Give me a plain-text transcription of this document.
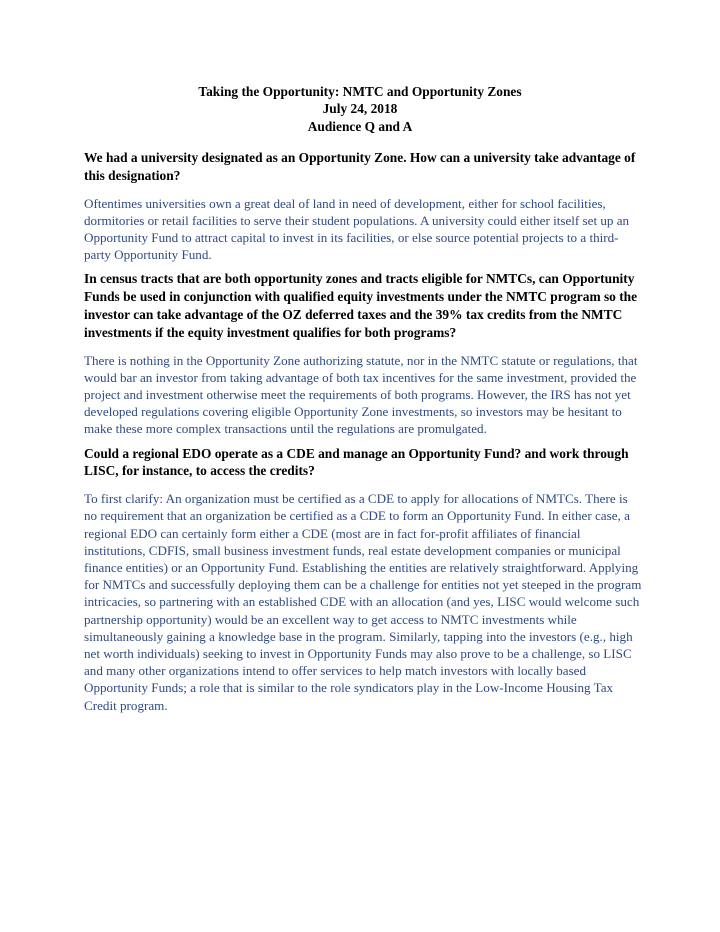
Taking the Opportunity: NMTC and Opportunity Zones
July 24, 2018
Audience Q and A

We had a university designated as an Opportunity Zone. How can a university take advantage of this designation?

Oftentimes universities own a great deal of land in need of development, either for school facilities, dormitories or retail facilities to serve their student populations. A university could either itself set up an Opportunity Fund to attract capital to invest in its facilities, or else source potential projects to a third-party Opportunity Fund.

In census tracts that are both opportunity zones and tracts eligible for NMTCs, can Opportunity Funds be used in conjunction with qualified equity investments under the NMTC program so the investor can take advantage of the OZ deferred taxes and the 39% tax credits from the NMTC investments if the equity investment qualifies for both programs?

There is nothing in the Opportunity Zone authorizing statute, nor in the NMTC statute or regulations, that would bar an investor from taking advantage of both tax incentives for the same investment, provided the project and investment otherwise meet the requirements of both programs. However, the IRS has not yet developed regulations covering eligible Opportunity Zone investments, so investors may be hesitant to make these more complex transactions until the regulations are promulgated.

Could a regional EDO operate as a CDE and manage an Opportunity Fund? and work through LISC, for instance, to access the credits?

To first clarify: An organization must be certified as a CDE to apply for allocations of NMTCs. There is no requirement that an organization be certified as a CDE to form an Opportunity Fund. In either case, a regional EDO can certainly form either a CDE (most are in fact for-profit affiliates of financial institutions, CDFIS, small business investment funds, real estate development companies or municipal finance entities) or an Opportunity Fund. Establishing the entities are relatively straightforward. Applying for NMTCs and successfully deploying them can be a challenge for entities not yet steeped in the program intricacies, so partnering with an established CDE with an allocation (and yes, LISC would welcome such partnership opportunity) would be an excellent way to get access to NMTC investments while simultaneously gaining a knowledge base in the program. Similarly, tapping into the investors (e.g., high net worth individuals) seeking to invest in Opportunity Funds may also prove to be a challenge, so LISC and many other organizations intend to offer services to help match investors with locally based Opportunity Funds; a role that is similar to the role syndicators play in the Low-Income Housing Tax Credit program.
